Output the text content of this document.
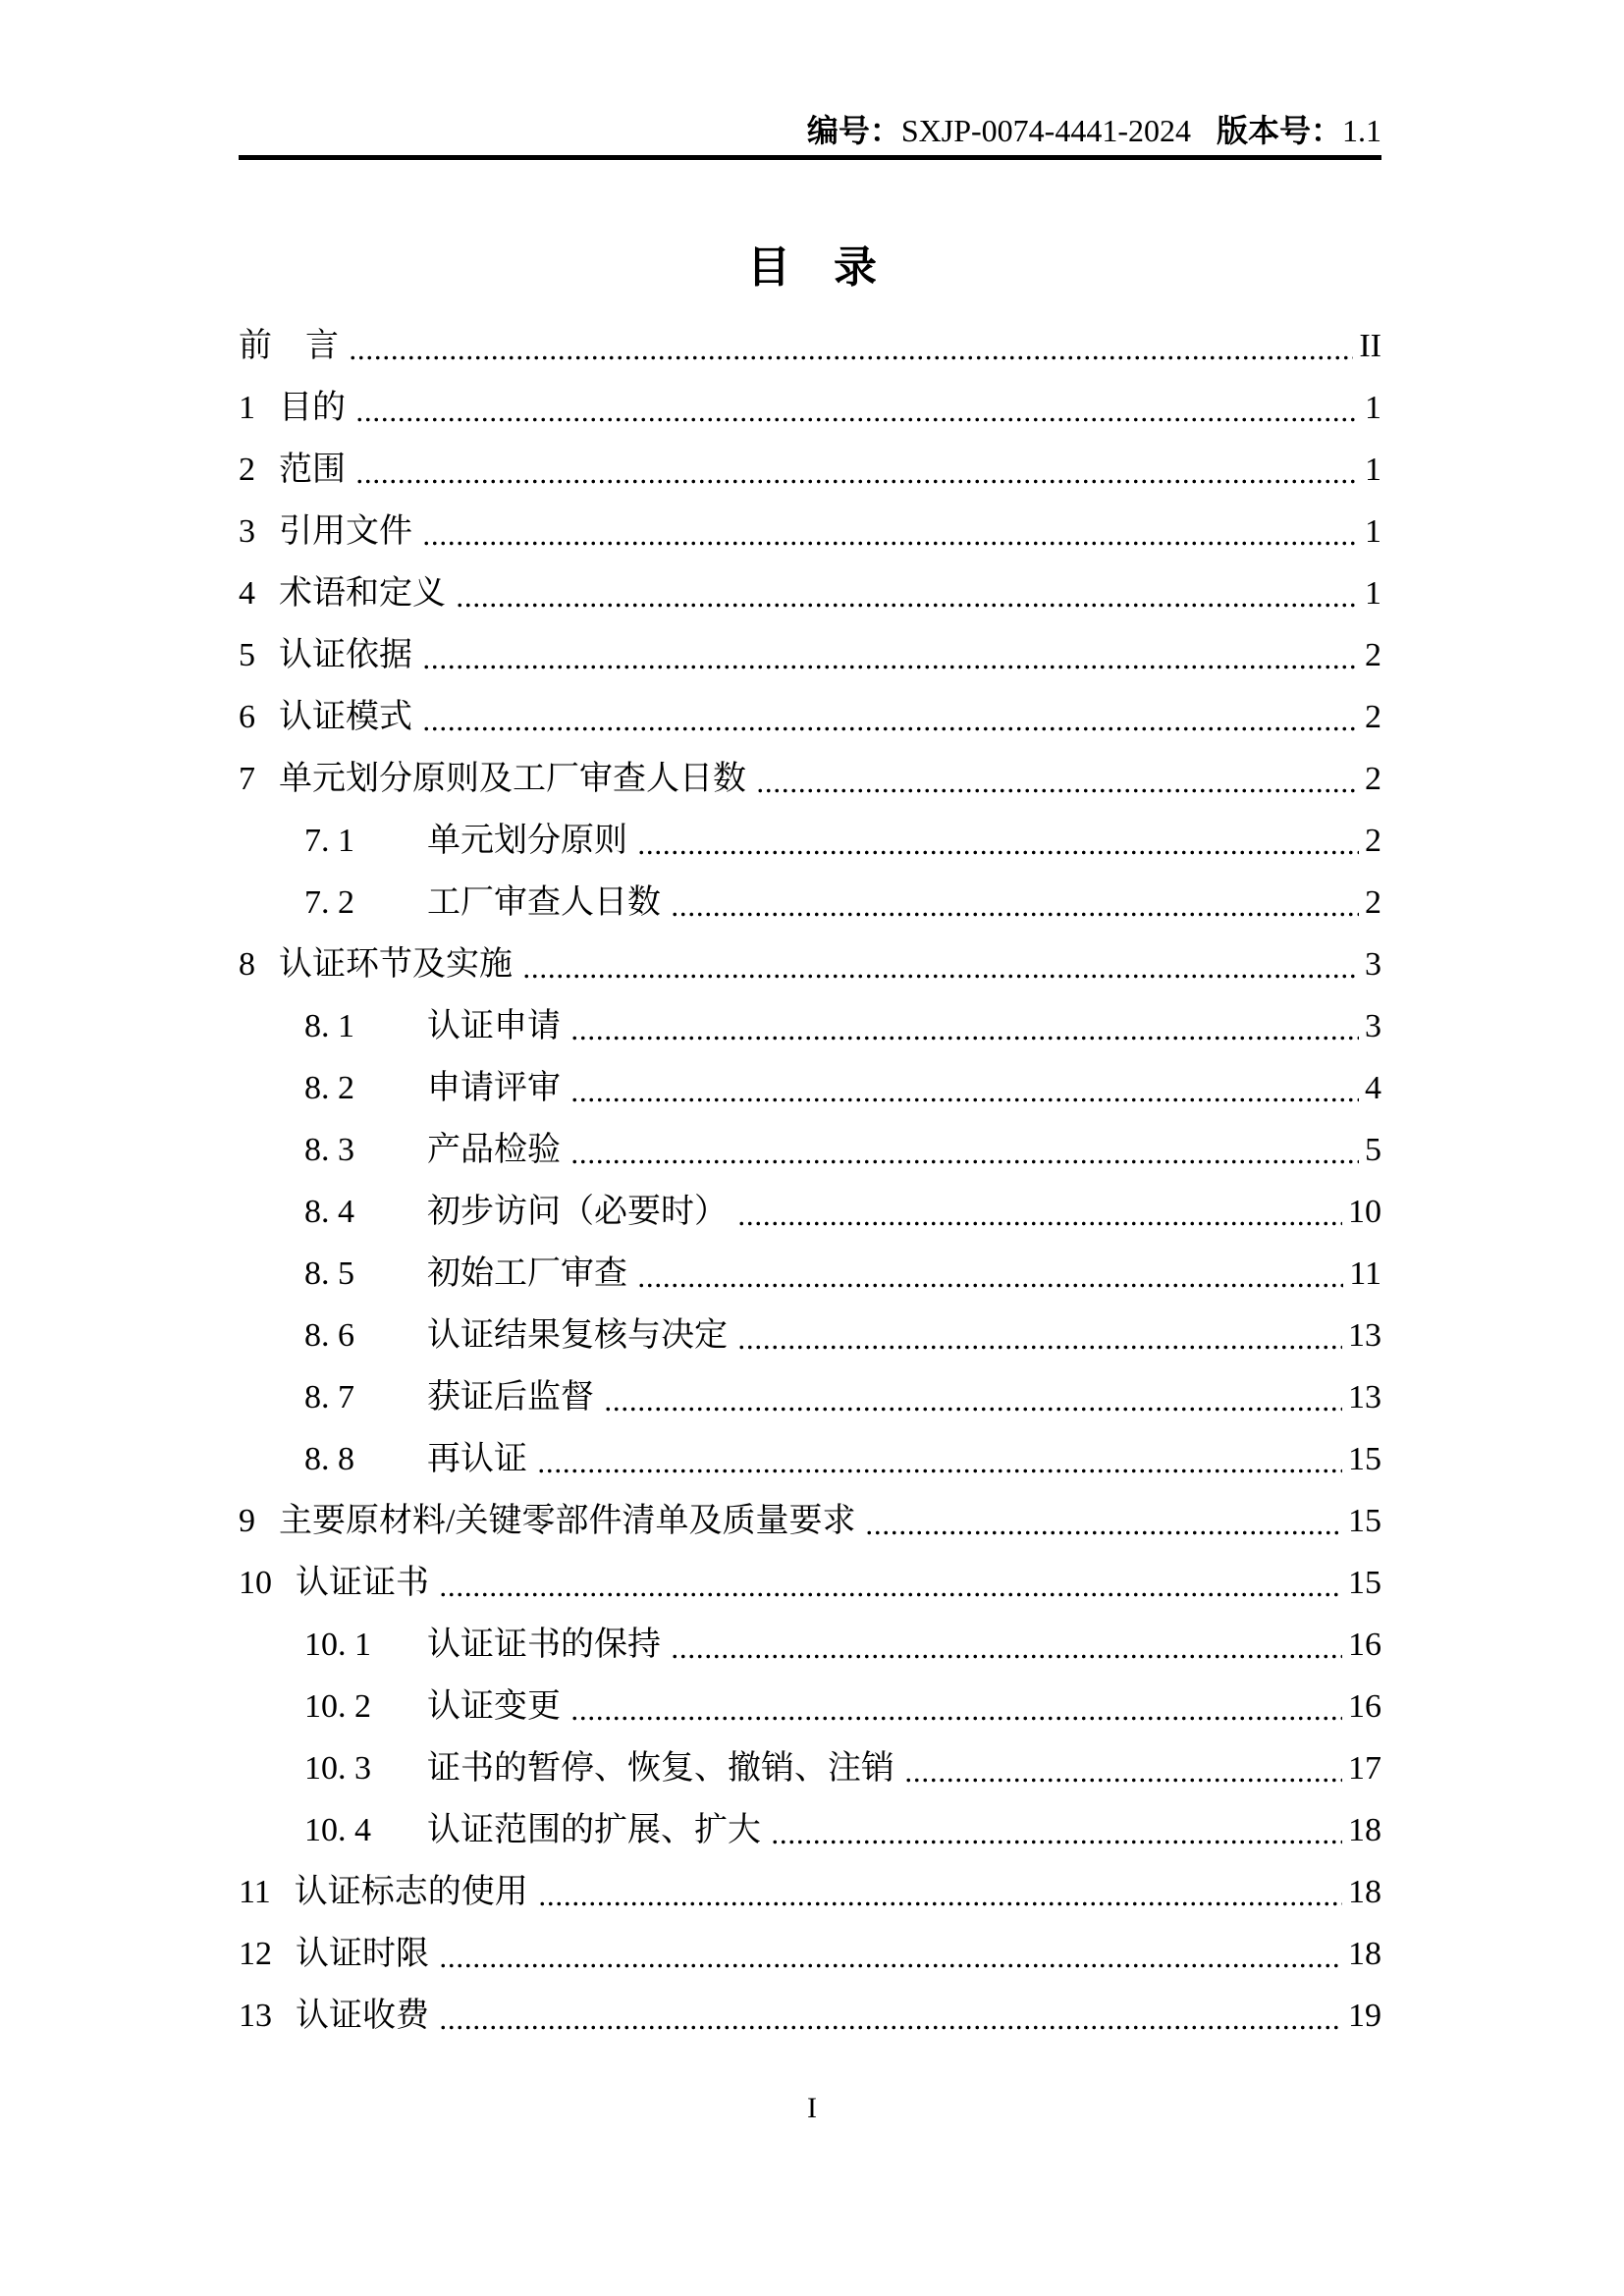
编号：SXJP-0074-4441-2024 版本号：1.1
目　录
前　言	II
1 目的	1
2 范围	1
3 引用文件	1
4 术语和定义	1
5 认证依据	2
6 认证模式	2
7 单元划分原则及工厂审查人日数	2
7. 1	单元划分原则	2
7. 2	工厂审查人日数	2
8 认证环节及实施	3
8. 1	认证申请	3
8. 2	申请评审	4
8. 3	产品检验	5
8. 4	初步访问（必要时）	10
8. 5	初始工厂审查	11
8. 6	认证结果复核与决定	13
8. 7	获证后监督	13
8. 8	再认证	15
9 主要原材料/关键零部件清单及质量要求	15
10 认证证书	15
10. 1	认证证书的保持	16
10. 2	认证变更	16
10. 3	证书的暂停、恢复、撤销、注销	17
10. 4	认证范围的扩展、扩大	18
11 认证标志的使用	18
12 认证时限	18
13 认证收费	19
I
